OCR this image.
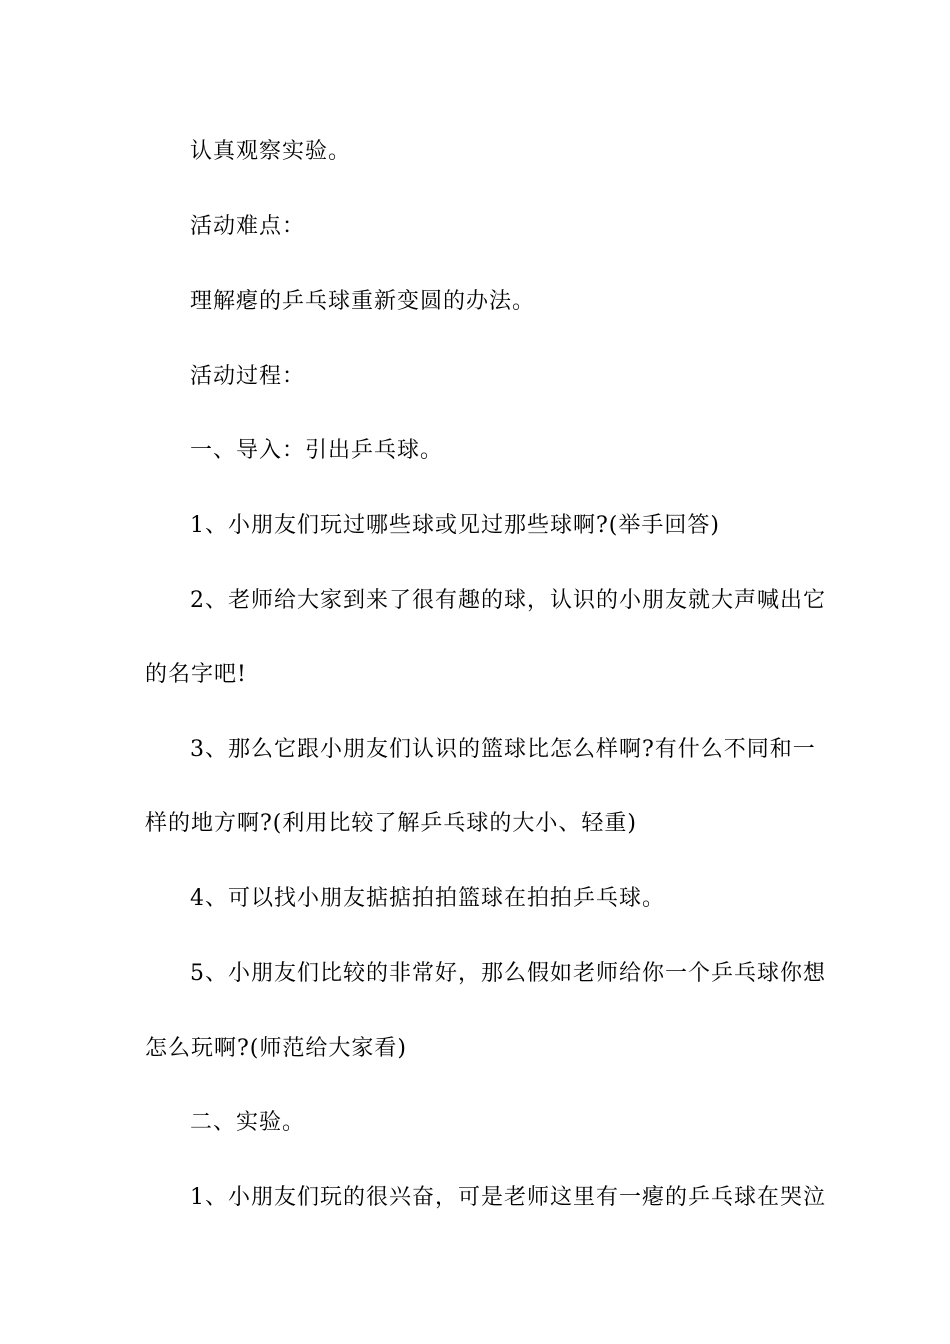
认真观察实验。
活动难点：
理解瘪的乒乓球重新变圆的办法。
活动过程：
一、导入：引出乒乓球。
1、小朋友们玩过哪些球或见过那些球啊?(举手回答)
2、老师给大家到来了很有趣的球，认识的小朋友就大声喊出它
的名字吧!
3、那么它跟小朋友们认识的篮球比怎么样啊?有什么不同和一
样的地方啊?(利用比较了解乒乓球的大小、轻重)
4、可以找小朋友掂掂拍拍篮球在拍拍乒乓球。
5、小朋友们比较的非常好，那么假如老师给你一个乒乓球你想
怎么玩啊?(师范给大家看)
二、实验。
1、小朋友们玩的很兴奋，可是老师这里有一瘪的乒乓球在哭泣
